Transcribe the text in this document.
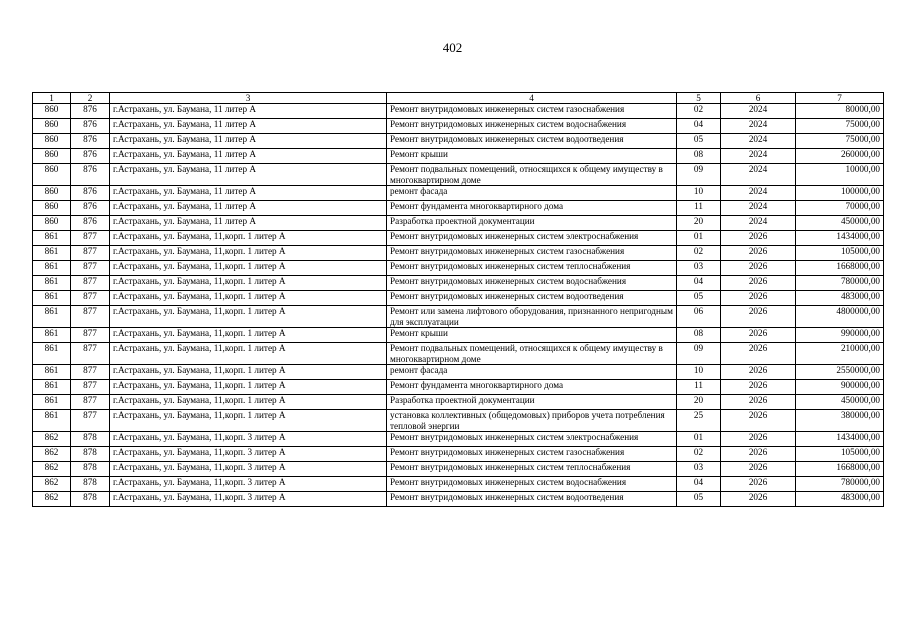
402
1	2	3	4	5	6	7
860	876	г.Астрахань, ул. Баумана, 11 литер А	Ремонт внутридомовых инженерных систем газоснабжения	02	2024	80000,00
860	876	г.Астрахань, ул. Баумана, 11 литер А	Ремонт внутридомовых инженерных систем водоснабжения	04	2024	75000,00
860	876	г.Астрахань, ул. Баумана, 11 литер А	Ремонт внутридомовых инженерных систем водоотведения	05	2024	75000,00
860	876	г.Астрахань, ул. Баумана, 11 литер А	Ремонт крыши	08	2024	260000,00
860	876	г.Астрахань, ул. Баумана, 11 литер А	Ремонт подвальных помещений, относящихся к общему имуществу в многоквартирном доме	09	2024	10000,00
860	876	г.Астрахань, ул. Баумана, 11 литер А	ремонт фасада	10	2024	100000,00
860	876	г.Астрахань, ул. Баумана, 11 литер А	Ремонт фундамента многоквартирного дома	11	2024	70000,00
860	876	г.Астрахань, ул. Баумана, 11 литер А	Разработка проектной документации	20	2024	450000,00
861	877	г.Астрахань, ул. Баумана, 11,корп. 1 литер А	Ремонт внутридомовых инженерных систем электроснабжения	01	2026	1434000,00
861	877	г.Астрахань, ул. Баумана, 11,корп. 1 литер А	Ремонт внутридомовых инженерных систем газоснабжения	02	2026	105000,00
861	877	г.Астрахань, ул. Баумана, 11,корп. 1 литер А	Ремонт внутридомовых инженерных систем теплоснабжения	03	2026	1668000,00
861	877	г.Астрахань, ул. Баумана, 11,корп. 1 литер А	Ремонт внутридомовых инженерных систем водоснабжения	04	2026	780000,00
861	877	г.Астрахань, ул. Баумана, 11,корп. 1 литер А	Ремонт внутридомовых инженерных систем водоотведения	05	2026	483000,00
861	877	г.Астрахань, ул. Баумана, 11,корп. 1 литер А	Ремонт или замена лифтового оборудования, признанного непригодным для эксплуатации	06	2026	4800000,00
861	877	г.Астрахань, ул. Баумана, 11,корп. 1 литер А	Ремонт крыши	08	2026	990000,00
861	877	г.Астрахань, ул. Баумана, 11,корп. 1 литер А	Ремонт подвальных помещений, относящихся к общему имуществу в многоквартирном доме	09	2026	210000,00
861	877	г.Астрахань, ул. Баумана, 11,корп. 1 литер А	ремонт фасада	10	2026	2550000,00
861	877	г.Астрахань, ул. Баумана, 11,корп. 1 литер А	Ремонт фундамента многоквартирного дома	11	2026	900000,00
861	877	г.Астрахань, ул. Баумана, 11,корп. 1 литер А	Разработка проектной документации	20	2026	450000,00
861	877	г.Астрахань, ул. Баумана, 11,корп. 1 литер А	установка коллективных (общедомовых) приборов учета потребления тепловой энергии	25	2026	380000,00
862	878	г.Астрахань, ул. Баумана, 11,корп. 3 литер А	Ремонт внутридомовых инженерных систем электроснабжения	01	2026	1434000,00
862	878	г.Астрахань, ул. Баумана, 11,корп. 3 литер А	Ремонт внутридомовых инженерных систем газоснабжения	02	2026	105000,00
862	878	г.Астрахань, ул. Баумана, 11,корп. 3 литер А	Ремонт внутридомовых инженерных систем теплоснабжения	03	2026	1668000,00
862	878	г.Астрахань, ул. Баумана, 11,корп. 3 литер А	Ремонт внутридомовых инженерных систем водоснабжения	04	2026	780000,00
862	878	г.Астрахань, ул. Баумана, 11,корп. 3 литер А	Ремонт внутридомовых инженерных систем водоотведения	05	2026	483000,00
